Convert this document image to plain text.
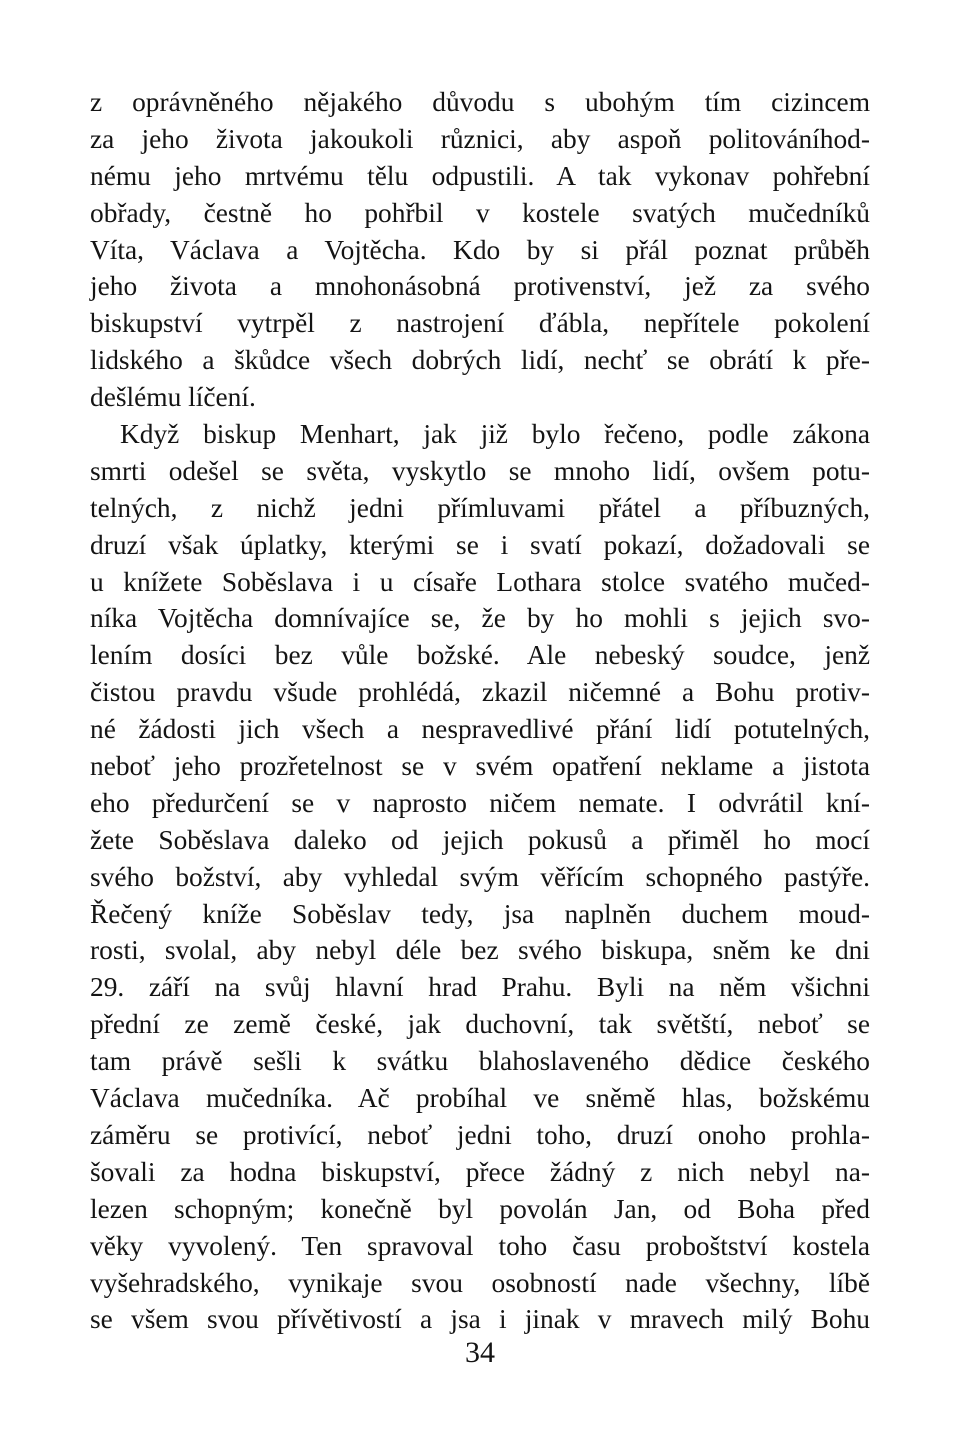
z oprávněného nějakého důvodu s ubohým tím cizincem
za jeho života jakoukoli různici, aby aspoň politováníhod-
nému jeho mrtvému tělu odpustili. A tak vykonav pohřební
obřady, čestně ho pohřbil v kostele svatých mučedníků
Víta, Václava a Vojtěcha. Kdo by si přál poznat průběh
jeho života a mnohonásobná protivenství, jež za svého
biskupství vytrpěl z nastrojení ďábla, nepřítele pokolení
lidského a škůdce všech dobrých lidí, nechť se obrátí k pře-
dešlému líčení.
Když biskup Menhart, jak již bylo řečeno, podle zákona
smrti odešel se světa, vyskytlo se mnoho lidí, ovšem potu-
telných, z nichž jedni přímluvami přátel a příbuzných,
druzí však úplatky, kterými se i svatí pokazí, dožadovali se
u knížete Soběslava i u císaře Lothara stolce svatého mučed-
níka Vojtěcha domnívajíce se, že by ho mohli s jejich svo-
lením dosíci bez vůle božské. Ale nebeský soudce, jenž
čistou pravdu všude prohlédá, zkazil ničemné a Bohu protiv-
né žádosti jich všech a nespravedlivé přání lidí potutelných,
neboť jeho prozřetelnost se v svém opatření neklame a jistota
eho předurčení se v naprosto ničem nemate. I odvrátil kní-
žete Soběslava daleko od jejich pokusů a přiměl ho mocí
svého božství, aby vyhledal svým věřícím schopného pastýře.
Řečený kníže Soběslav tedy, jsa naplněn duchem moud-
rosti, svolal, aby nebyl déle bez svého biskupa, sněm ke dni
29. září na svůj hlavní hrad Prahu. Byli na něm všichni
přední ze země české, jak duchovní, tak světští, neboť se
tam právě sešli k svátku blahoslaveného dědice českého
Václava mučedníka. Ač probíhal ve sněmě hlas, božskému
záměru se protivící, neboť jedni toho, druzí onoho prohla-
šovali za hodna biskupství, přece žádný z nich nebyl na-
lezen schopným; konečně byl povolán Jan, od Boha před
věky vyvolený. Ten spravoval toho času proboštství kostela
vyšehradského, vynikaje svou osobností nade všechny, líbě
se všem svou přívětivostí a jsa i jinak v mravech milý Bohu
34
